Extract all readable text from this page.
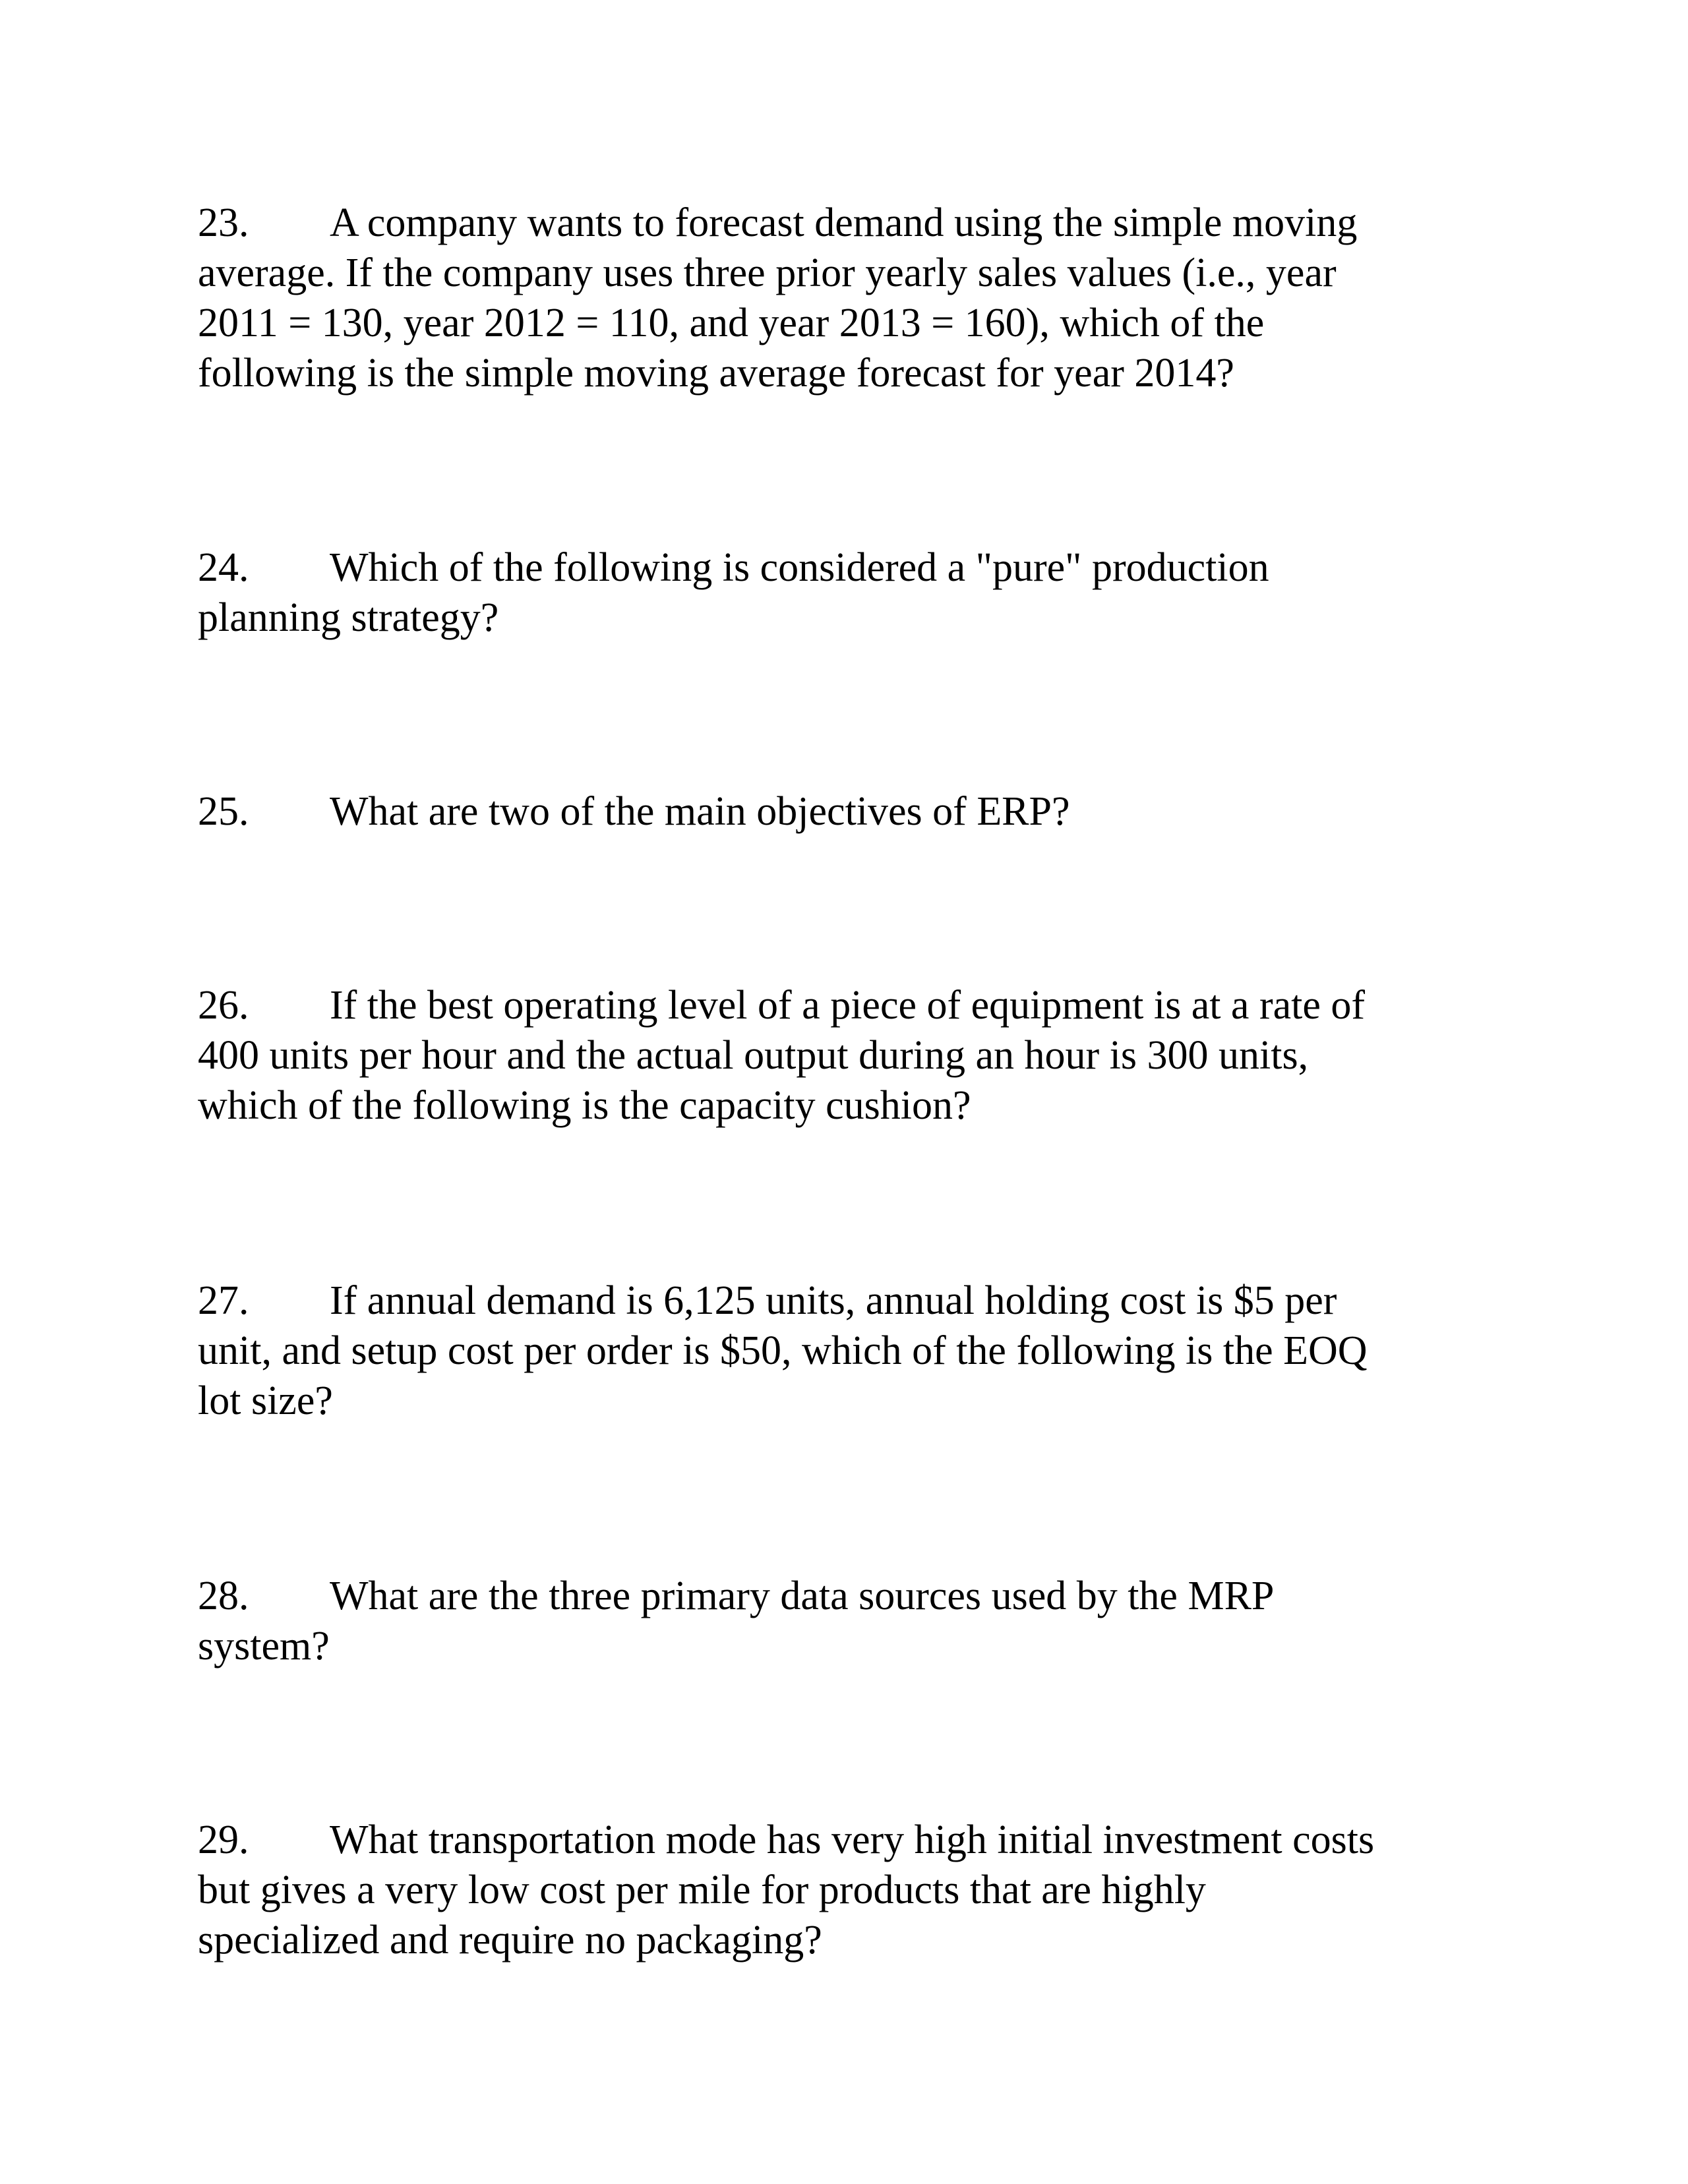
23. A company wants to forecast demand using the simple moving
average. If the company uses three prior yearly sales values (i.e., year
2011 = 130, year 2012 = 110, and year 2013 = 160), which of the
following is the simple moving average forecast for year 2014?
24. Which of the following is considered a "pure" production
planning strategy?
25. What are two of the main objectives of ERP?
26. If the best operating level of a piece of equipment is at a rate of
400 units per hour and the actual output during an hour is 300 units,
which of the following is the capacity cushion?
27. If annual demand is 6,125 units, annual holding cost is $5 per
unit, and setup cost per order is $50, which of the following is the EOQ
lot size?
28. What are the three primary data sources used by the MRP
system?
29. What transportation mode has very high initial investment costs
but gives a very low cost per mile for products that are highly
specialized and require no packaging?
